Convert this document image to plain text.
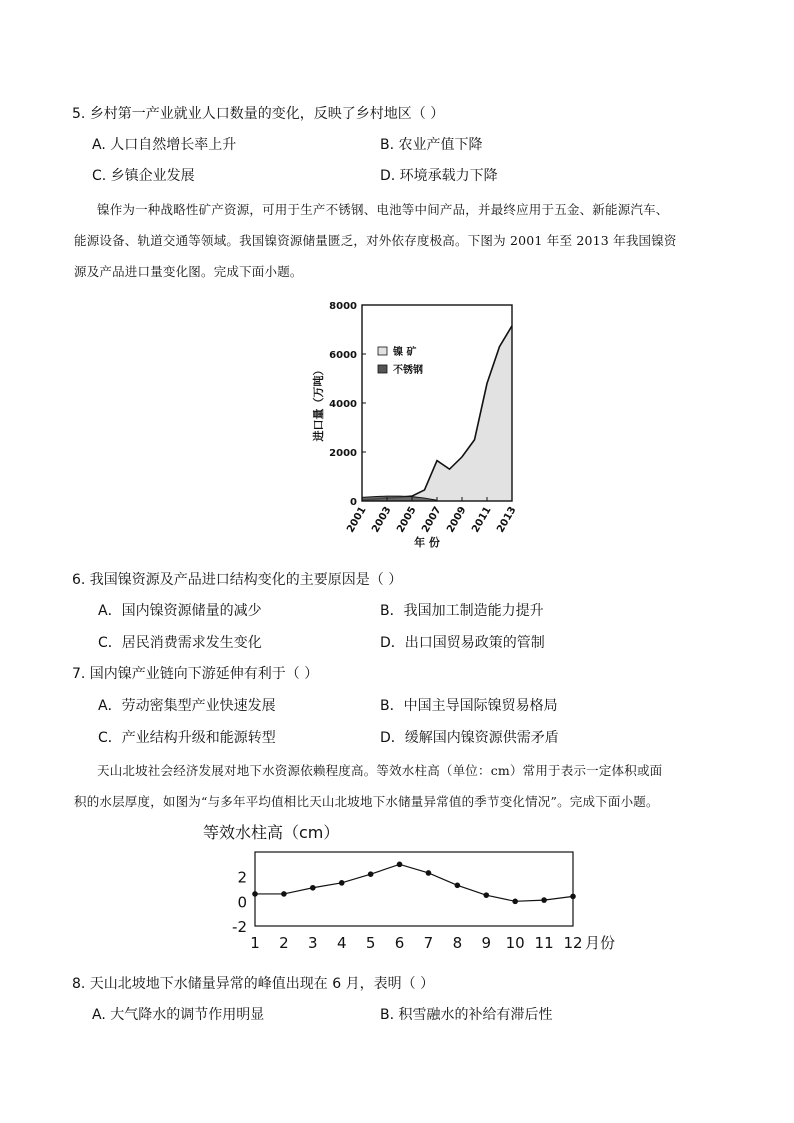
5. 乡村第一产业就业人口数量的变化，反映了乡村地区（ ）
A. 人口自然增长率上升	B. 农业产值下降
C. 乡镇企业发展	D. 环境承载力下降
镍作为一种战略性矿产资源，可用于生产不锈钢、电池等中间产品，并最终应用于五金、新能源汽车、
能源设备、轨道交通等领域。我国镍资源储量匮乏，对外依存度极高。下图为 2001 年至 2013 年我国镍资
源及产品进口量变化图。完成下面小题。
0
2000
4000
6000
8000
2001 2003 2005 2007 2009 2011 2013
进口量（万吨）
年 份
镍 矿
不锈钢
6. 我国镍资源及产品进口结构变化的主要原因是（ ）
A．国内镍资源储量的减少	B．我国加工制造能力提升
C．居民消费需求发生变化	D．出口国贸易政策的管制
7. 国内镍产业链向下游延伸有利于（ ）
A．劳动密集型产业快速发展	B．中国主导国际镍贸易格局
C．产业结构升级和能源转型	D．缓解国内镍资源供需矛盾
天山北坡社会经济发展对地下水资源依赖程度高。等效水柱高（单位：cm）常用于表示一定体积或面
积的水层厚度，如图为“与多年平均值相比天山北坡地下水储量异常值的季节变化情况”。完成下面小题。
等效水柱高（cm）
2
0
-2
1 2 3 4 5 6 7 8 9 10 11 12 月份
8. 天山北坡地下水储量异常的峰值出现在 6 月，表明（ ）
A. 大气降水的调节作用明显	B. 积雪融水的补给有滞后性
